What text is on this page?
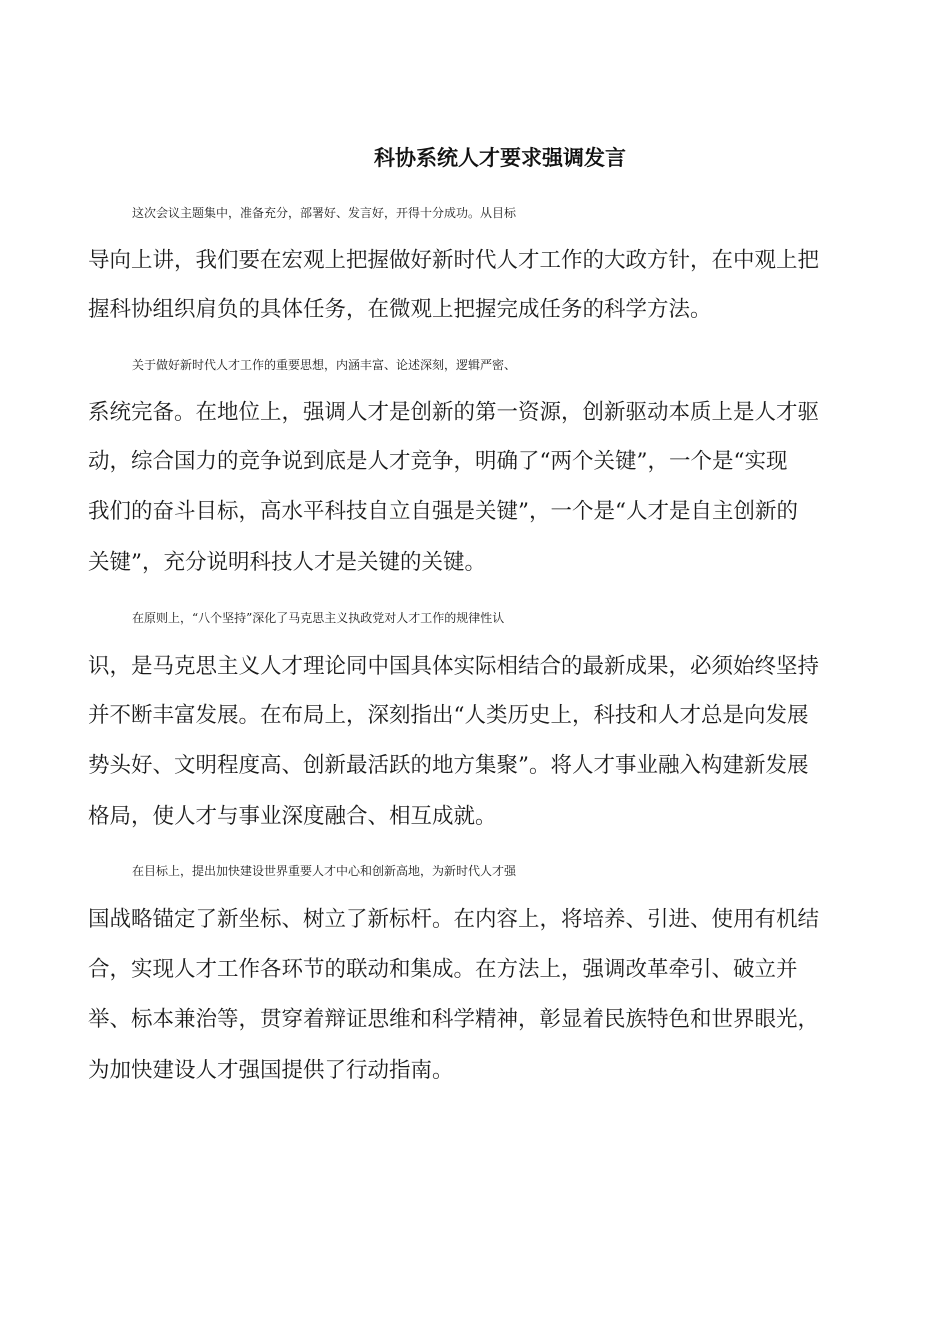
科协系统人才要求强调发言

这次会议主题集中，准备充分，部署好、发言好，开得十分成功。从目标

导向上讲，我们要在宏观上把握做好新时代人才工作的大政方针，在中观上把

握科协组织肩负的具体任务，在微观上把握完成任务的科学方法。

关于做好新时代人才工作的重要思想，内涵丰富、论述深刻，逻辑严密、

系统完备。在地位上，强调人才是创新的第一资源，创新驱动本质上是人才驱

动，综合国力的竞争说到底是人才竞争，明确了“两个关键”，一个是“实现

我们的奋斗目标，高水平科技自立自强是关键”，一个是“人才是自主创新的

关键”，充分说明科技人才是关键的关键。

在原则上，“八个坚持”深化了马克思主义执政党对人才工作的规律性认

识，是马克思主义人才理论同中国具体实际相结合的最新成果，必须始终坚持

并不断丰富发展。在布局上，深刻指出“人类历史上，科技和人才总是向发展

势头好、文明程度高、创新最活跃的地方集聚”。将人才事业融入构建新发展

格局，使人才与事业深度融合、相互成就。

在目标上，提出加快建设世界重要人才中心和创新高地，为新时代人才强

国战略锚定了新坐标、树立了新标杆。在内容上，将培养、引进、使用有机结

合，实现人才工作各环节的联动和集成。在方法上，强调改革牵引、破立并

举、标本兼治等，贯穿着辩证思维和科学精神，彰显着民族特色和世界眼光，

为加快建设人才强国提供了行动指南。
